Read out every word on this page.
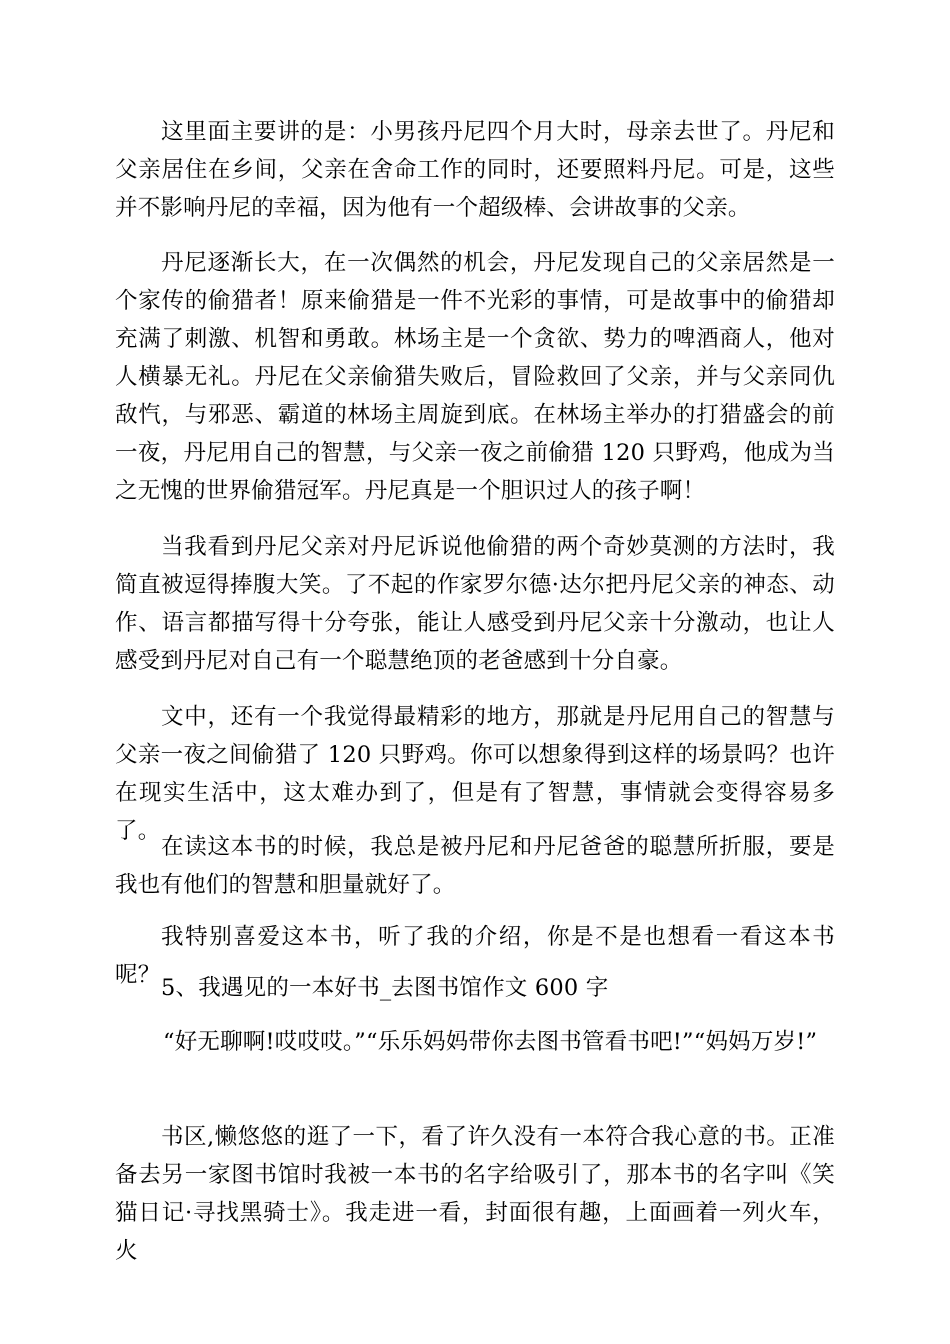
这里面主要讲的是：小男孩丹尼四个月大时，母亲去世了。丹尼和父亲居住在乡间，父亲在舍命工作的同时，还要照料丹尼。可是，这些并不影响丹尼的幸福，因为他有一个超级棒、会讲故事的父亲。

丹尼逐渐长大，在一次偶然的机会，丹尼发现自己的父亲居然是一个家传的偷猎者！原来偷猎是一件不光彩的事情，可是故事中的偷猎却充满了刺激、机智和勇敢。林场主是一个贪欲、势力的啤酒商人，他对人横暴无礼。丹尼在父亲偷猎失败后，冒险救回了父亲，并与父亲同仇敌忾，与邪恶、霸道的林场主周旋到底。在林场主举办的打猎盛会的前一夜，丹尼用自己的智慧，与父亲一夜之前偷猎 120 只野鸡，他成为当之无愧的世界偷猎冠军。丹尼真是一个胆识过人的孩子啊！

当我看到丹尼父亲对丹尼诉说他偷猎的两个奇妙莫测的方法时，我简直被逗得捧腹大笑。了不起的作家罗尔德·达尔把丹尼父亲的神态、动作、语言都描写得十分夸张，能让人感受到丹尼父亲十分激动，也让人感受到丹尼对自己有一个聪慧绝顶的老爸感到十分自豪。

文中，还有一个我觉得最精彩的地方，那就是丹尼用自己的智慧与父亲一夜之间偷猎了 120 只野鸡。你可以想象得到这样的场景吗？也许在现实生活中，这太难办到了，但是有了智慧，事情就会变得容易多了。

在读这本书的时候，我总是被丹尼和丹尼爸爸的聪慧所折服，要是我也有他们的智慧和胆量就好了。

我特别喜爱这本书，听了我的介绍，你是不是也想看一看这本书呢？ 5、我遇见的一本好书_去图书馆作文 600 字

“好无聊啊!哎哎哎。”“乐乐妈妈带你去图书管看书吧!”“妈妈万岁!”

书区,懒悠悠的逛了一下，看了许久没有一本符合我心意的书。正准备去另一家图书馆时我被一本书的名字给吸引了，那本书的名字叫《笑猫日记·寻找黑骑士》。我走进一看，封面很有趣，上面画着一列火车，火
